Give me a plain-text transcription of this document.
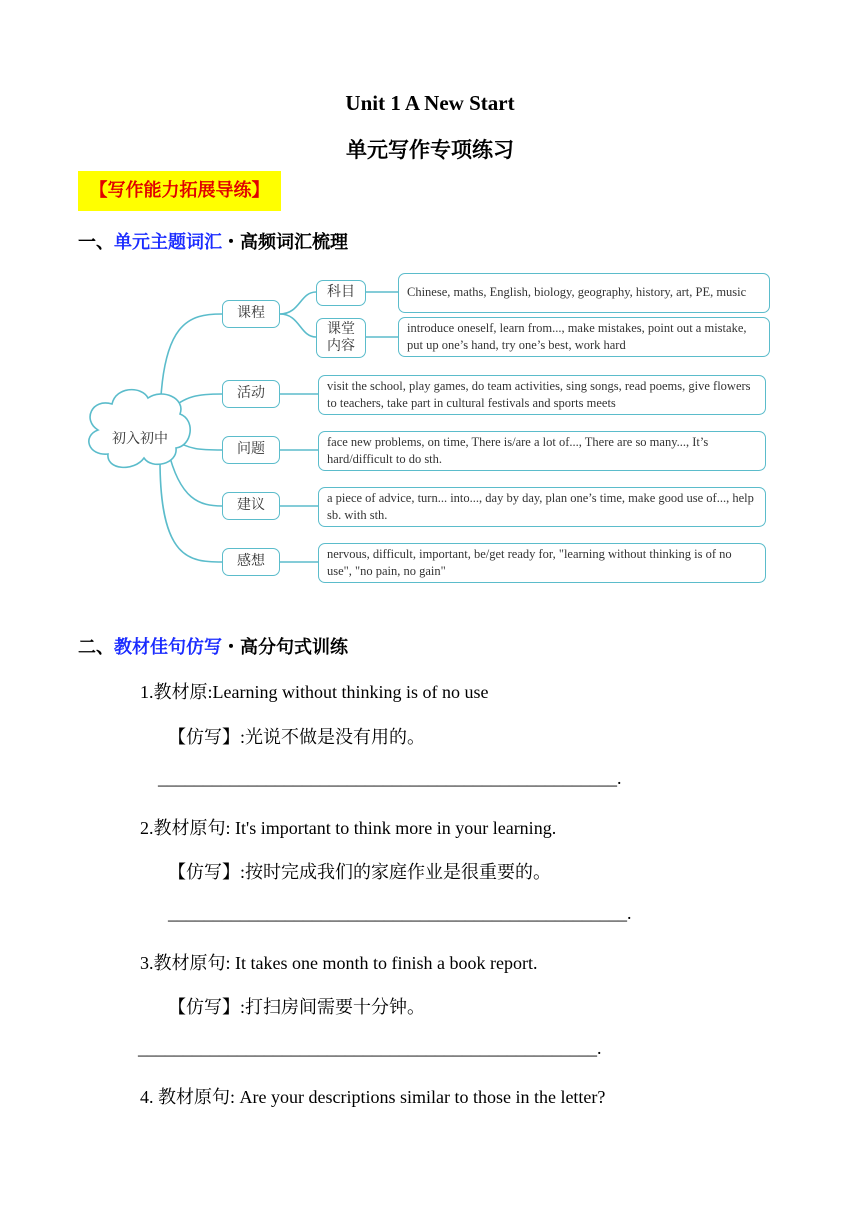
Unit 1 A New Start
单元写作专项练习
【写作能力拓展导练】
一、单元主题词汇・高频词汇梳理
初入初中
课程
活动
问题
建议
感想
科目
课堂内容
Chinese, maths, English, biology, geography, history, art, PE, music
introduce oneself, learn from..., make mistakes, point out a mistake, put up one’s hand, try one’s best, work hard
visit the school, play games, do team activities, sing songs, read poems, give flowers to teachers, take part in cultural festivals and sports meets
face new problems, on time, There is/are a lot of..., There are so many..., It’s hard/difficult to do sth.
a piece of advice, turn... into..., day by day, plan one’s time, make good use of..., help sb. with sth.
nervous, difficult, important, be/get ready for, "learning without thinking is of no use", "no pain, no gain"
二、教材佳句仿写・高分句式训练
1.教材原:Learning without thinking is of no use
【仿写】:光说不做是没有用的。
___________________________________________________.
2.教材原句: It's important to think more in your learning.
【仿写】:按时完成我们的家庭作业是很重要的。
___________________________________________________.
3.教材原句: It takes one month to finish a book report.
【仿写】:打扫房间需要十分钟。
___________________________________________________.
4. 教材原句: Are your descriptions similar to those in the letter?
